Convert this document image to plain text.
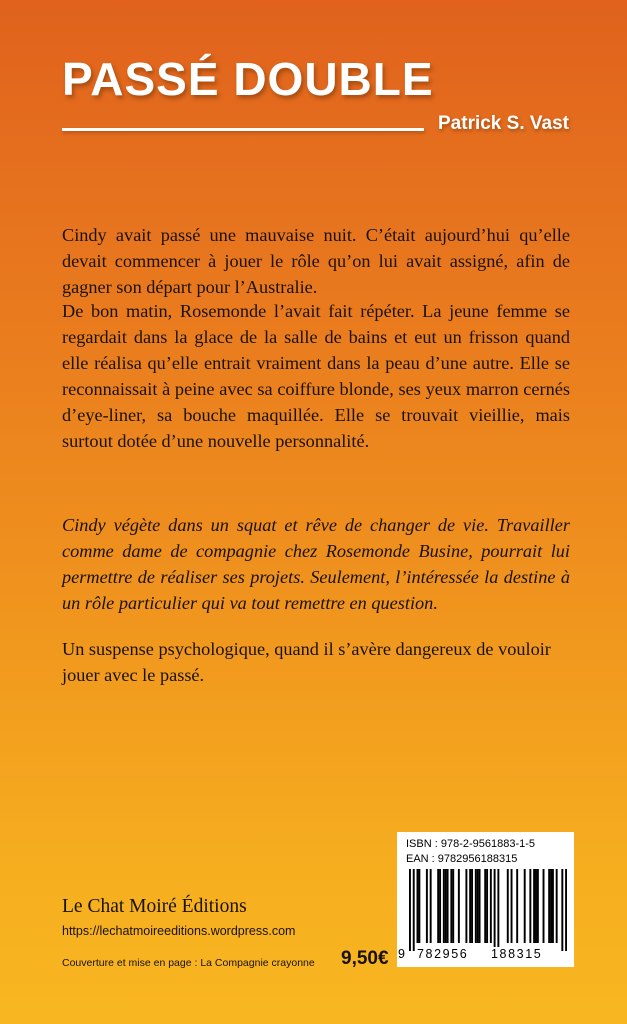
PASSÉ DOUBLE
Patrick S. Vast

Cindy avait passé une mauvaise nuit. C’était aujourd’hui qu’elle devait commencer à jouer le rôle qu’on lui avait assigné, afin de gagner son départ pour l’Australie.

De bon matin, Rosemonde l’avait fait répéter. La jeune femme se regardait dans la glace de la salle de bains et eut un frisson quand elle réalisa qu’elle entrait vraiment dans la peau d’une autre. Elle se reconnaissait à peine avec sa coiffure blonde, ses yeux marron cernés d’eye-liner, sa bouche maquillée. Elle se trouvait vieillie, mais surtout dotée d’une nouvelle personnalité.

Cindy végète dans un squat et rêve de changer de vie. Travailler comme dame de compagnie chez Rosemonde Busine, pourrait lui permettre de réaliser ses projets. Seulement, l’intéressée la destine à un rôle particulier qui va tout remettre en question.

Un suspense psychologique, quand il s’avère dangereux de vouloir jouer avec le passé.

Le Chat Moiré Éditions
https://lechatmoireeditions.wordpress.com
Couverture et mise en page : La Compagnie crayonne 9,50€
ISBN : 978-2-9561883-1-5
EAN : 9782956188315
9 782956 188315
